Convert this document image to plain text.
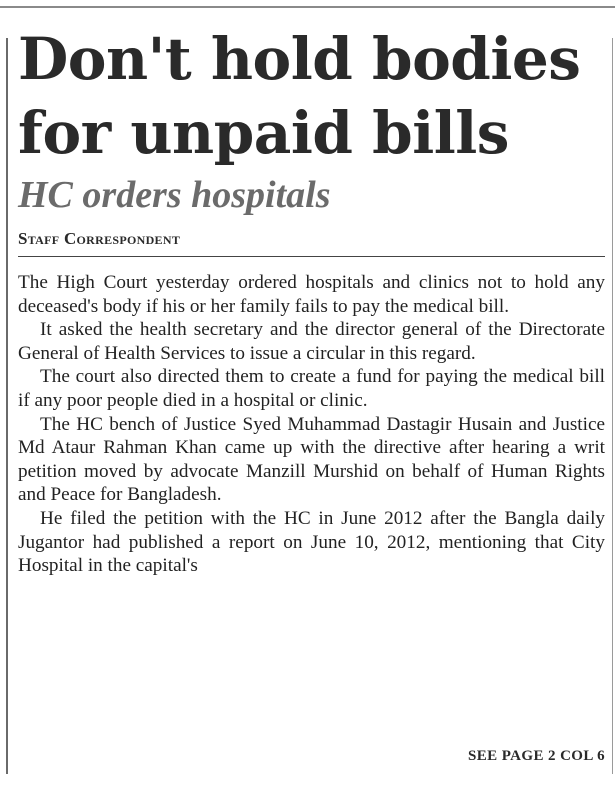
Don't hold bodies for unpaid bills
HC orders hospitals
Staff Correspondent

The High Court yesterday ordered hospitals and clinics not to hold any deceased's body if his or her family fails to pay the medical bill.

It asked the health secretary and the director general of the Directorate General of Health Services to issue a circular in this regard.

The court also directed them to create a fund for paying the medical bill if any poor people died in a hospital or clinic.

The HC bench of Justice Syed Muhammad Dastagir Husain and Justice Md Ataur Rahman Khan came up with the directive after hearing a writ petition moved by advocate Manzill Murshid on behalf of Human Rights and Peace for Bangladesh.

He filed the petition with the HC in June 2012 after the Bangla daily Jugantor had published a report on June 10, 2012, mentioning that City Hospital in the capital's

SEE PAGE 2 COL 6
